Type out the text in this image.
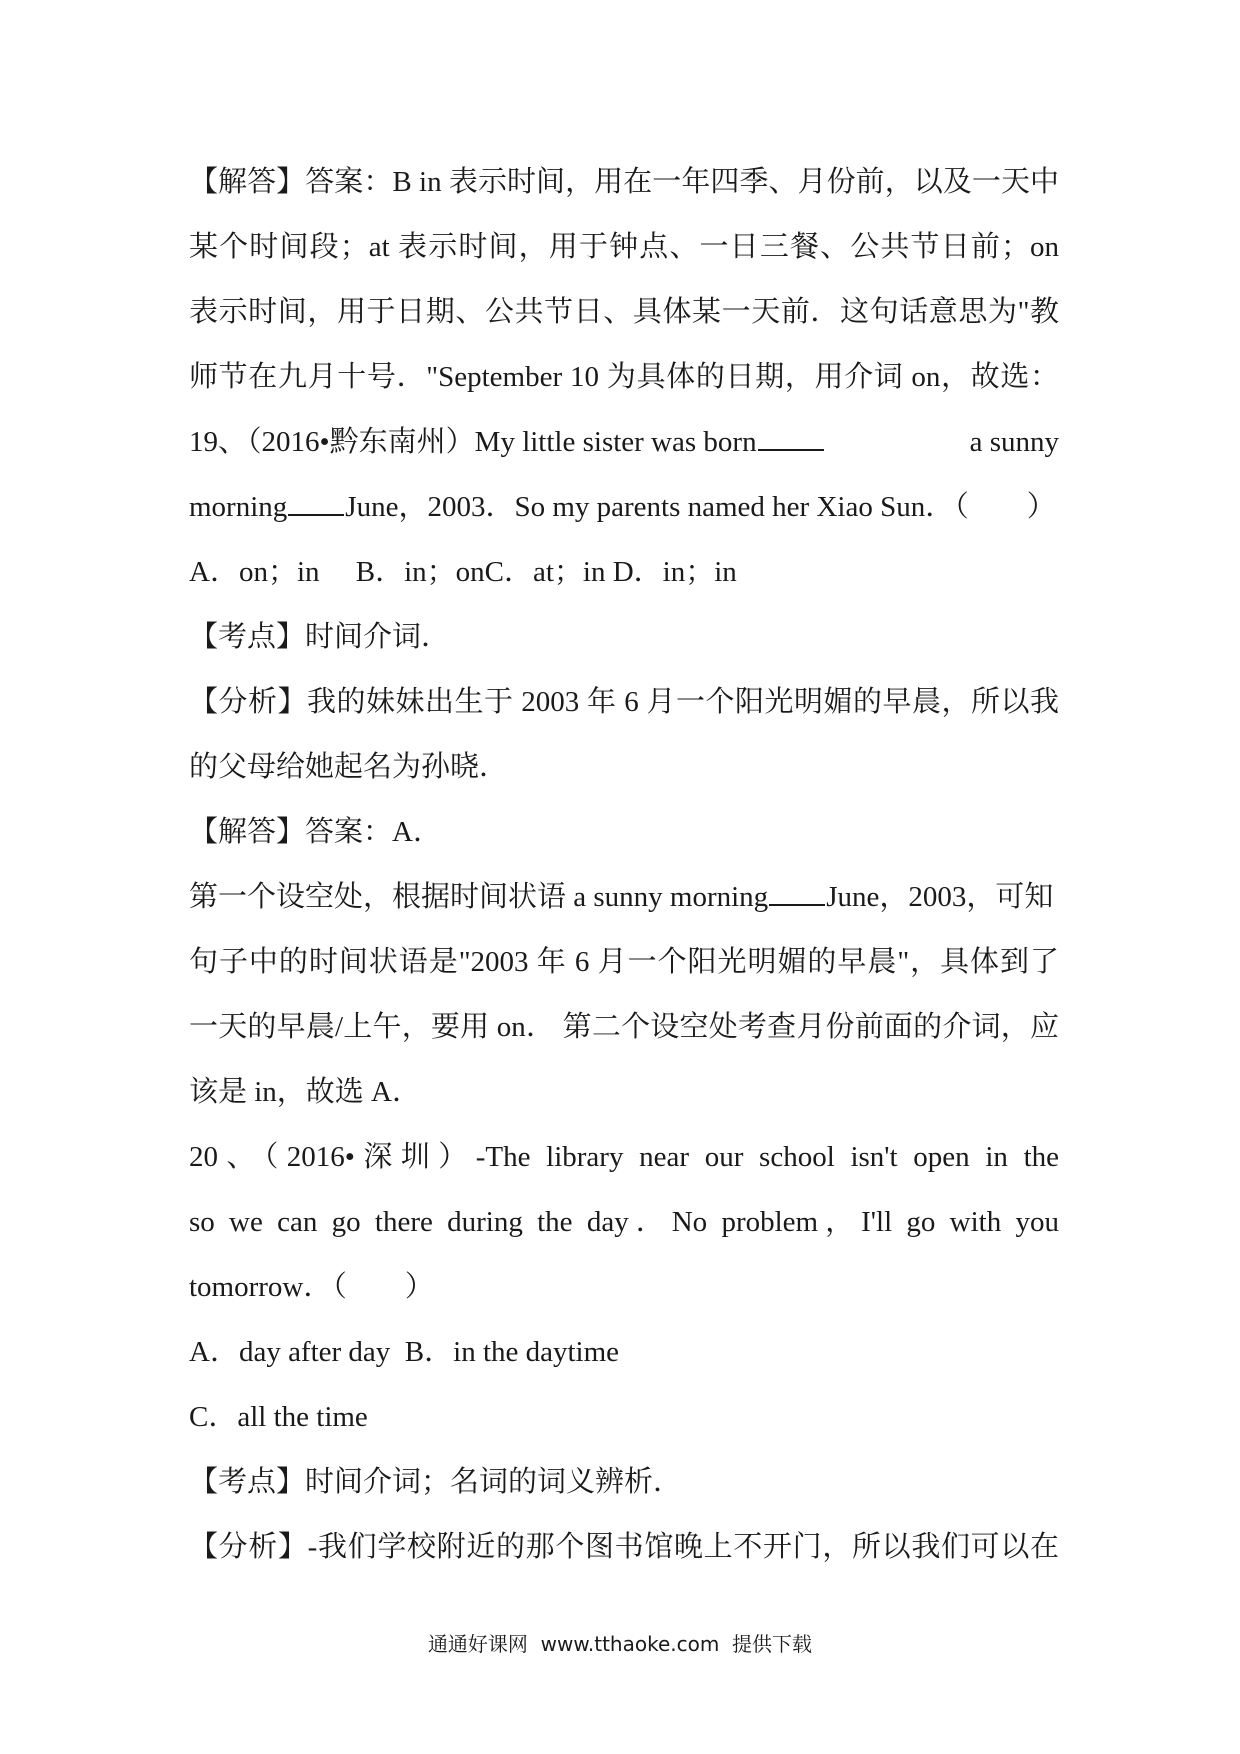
【解答】答案：B in 表示时间，用在一年四季、月份前，以及一天中
某个时间段；at 表示时间，用于钟点、一日三餐、公共节日前；on
表示时间，用于日期、公共节日、具体某一天前．这句话意思为"教
师节在九月十号．"September 10 为具体的日期，用介词 on，故选：
19、（2016•黔东南州）My little sister was born	a sunny
morning June，2003．So my parents named her Xiao Sun．（　　）
A．on；in　 B．in；onC．at；in D．in；in
【考点】时间介词．
【分析】我的妹妹出生于 2003 年 6 月一个阳光明媚的早晨，所以我
的父母给她起名为孙晓．
【解答】答案：A．
第一个设空处，根据时间状语 a sunny morning June，2003，可知
句子中的时间状语是"2003 年 6 月一个阳光明媚的早晨"，具体到了
一天的早晨/上午，要用 on． 第二个设空处考查月份前面的介词，应
该是 in，故选 A．
20、（2016•深圳）-The library near our school isn't open in the
so we can go there during the day．No problem，I'll go with you
tomorrow．（　　）
A．day after day  B．in the daytime
C．all the time
【考点】时间介词；名词的词义辨析．
【分析】-我们学校附近的那个图书馆晚上不开门，所以我们可以在
通通好课网  www.tthaoke.com  提供下载
